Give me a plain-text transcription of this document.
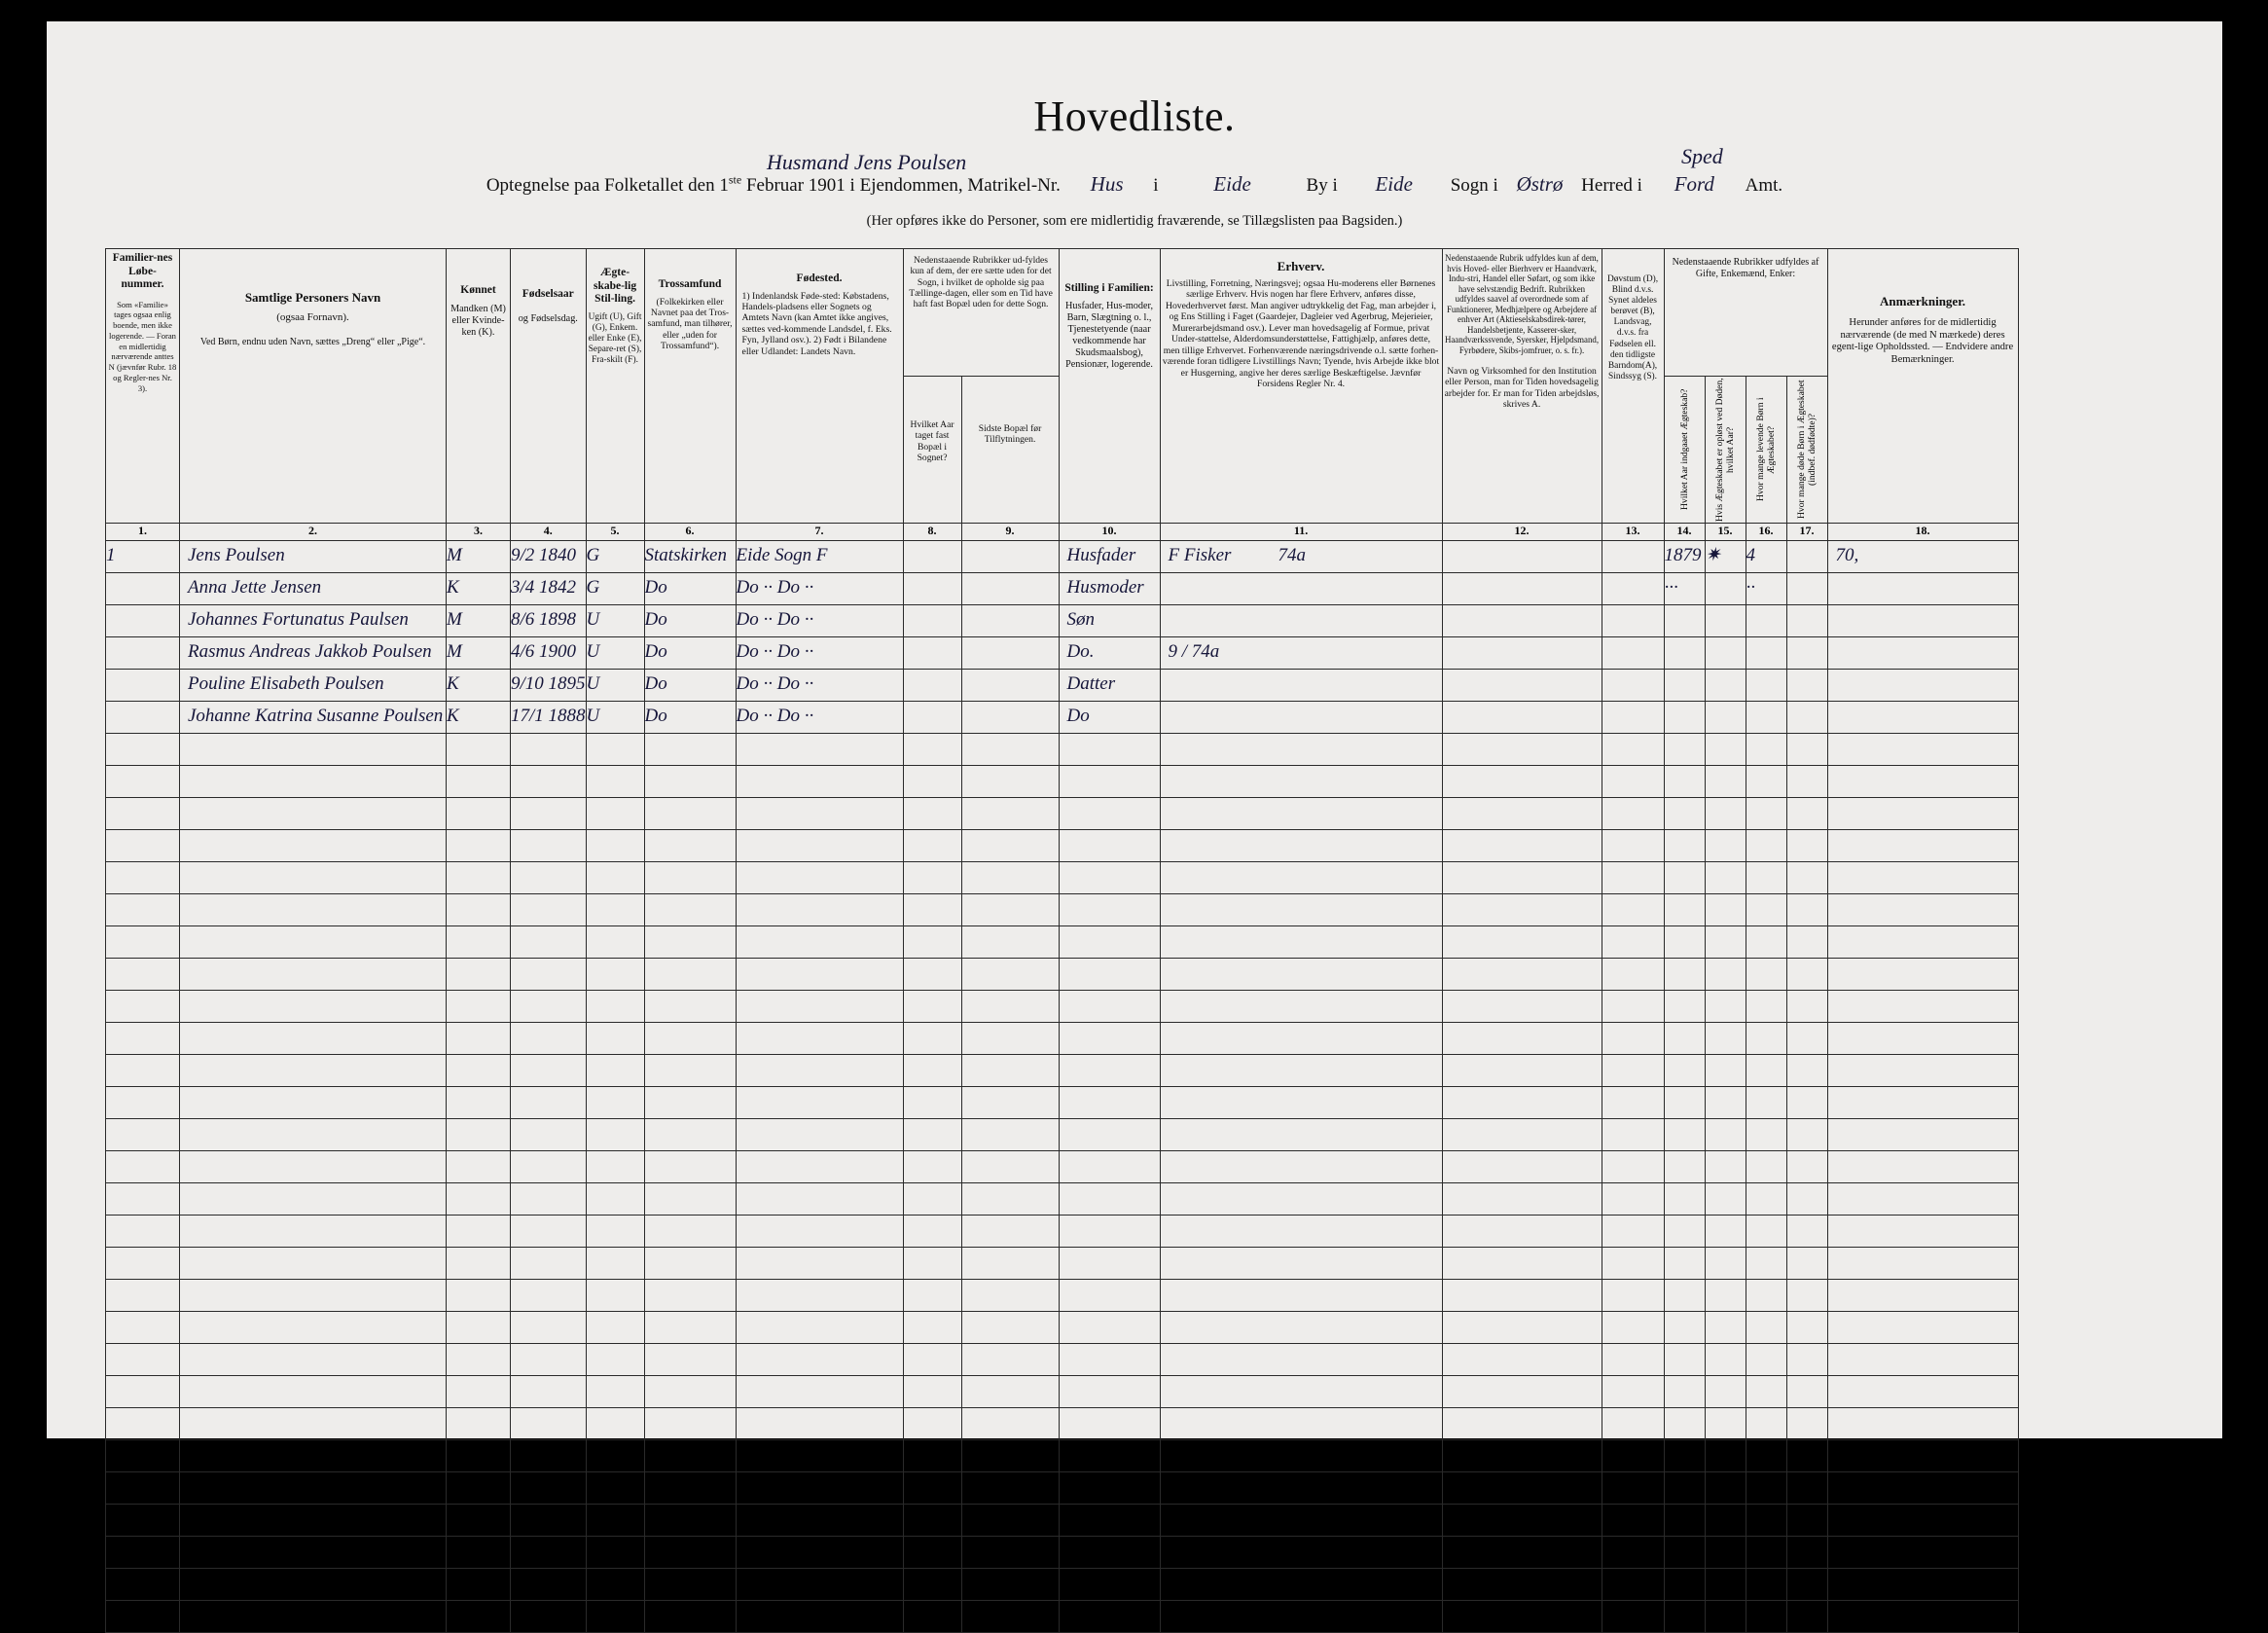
Hovedliste.
Husmand Jens Poulsen
Optegnelse paa Folketallet den 1ste Februar 1901 i Ejendommen, Matrikel-Nr. Hus i	Eide	By i Eide Sogn i Østrø Herred i Ford Amt.
Sped
(Her opføres ikke do Personer, som ere midlertidig fraværende, se Tillægslisten paa Bagsiden.)
Familier-nes Løbe-nummer.
Som «Familie» tages ogsaa enlig boende, men ikke logerende. — Foran en midlertidig nærværende anttes N (jævnfør Rubr. 18 og Regler-nes Nr. 3).

Samtlige Personers Navn
(ogsaa Fornavn).
Ved Børn, endnu uden Navn, sættes „Dreng“ eller „Pige“.

Kønnet
Mandken (M) eller Kvinde-ken (K).

Fødselsaar
og Fødselsdag.

Ægte-skabe-lig Stil-ling.
Ugift (U), Gift (G), Enkem. eller Enke (E), Separe-ret (S), Fra-skilt (F).

Trossamfund
(Folkekirken eller Navnet paa det Tros-samfund, man tilhører, eller „uden for Trossamfund“).

Fødested.
1) Indenlandsk Føde-sted: Købstadens, Handels-pladsens eller Sognets og Amtets Navn (kan Amtet ikke angives, sættes ved-kommende Landsdel, f. Eks. Fyn, Jylland osv.). 2) Født i Bilandene eller Udlandet: Landets Navn.

Nedenstaaende Rubrikker ud-fyldes kun af dem, der ere sætte uden for det Sogn, i hvilket de opholde sig paa Tællinge-dagen, eller som en Tid have haft fast Bopæl uden for dette Sogn.

Stilling i Familien:
Husfader, Hus-moder, Barn, Slægtning o. l., Tjenestetyende (naar vedkommende har Skudsmaalsbog), Pensionær, logerende.

Erhverv.
Livstilling, Forretning, Næringsvej; ogsaa Hu-moderens eller Børnenes særlige Erhverv. Hvis nogen har flere Erhverv, anføres disse, Hovederhvervet først. Man angiver udtrykkelig det Fag, man arbejder i, og Ens Stilling i Faget (Gaardejer, Dagleier ved Agerbrug, Mejerieier, Murerarbejdsmand osv.). Lever man hovedsagelig af Formue, privat Under-støttelse, Alderdomsunderstøttelse, Fattighjælp, anføres dette, men tillige Erhvervet. Forhenværende næringsdrivende o.l. sætte forhen-værende foran tidligere Livstillings Navn; Tyende, hvis Arbejde ikke blot er Husgerning, angive her deres særlige Beskæftigelse. Jævnfør Forsidens Regler Nr. 4.

Nedenstaaende Rubrik udfyldes kun af dem, hvis Hoved- eller Bierhverv er Haandværk, Indu-stri, Handel eller Søfart, og som ikke have selvstændig Bedrift. Rubrikken udfyldes saavel af overordnede som af Funktionerer, Medhjælpere og Arbejdere af enhver Art (Aktieselskabsdirek-tører, Handelsbetjente, Kasserer-sker, Haandværkssvende, Syersker, Hjelpdsmand, Fyrbødere, Skibs-jomfruer, o. s. fr.).
Navn og Virksomhed for den Institution eller Person, man for Tiden hovedsagelig arbejder for. Er man for Tiden arbejdsløs, skrives A.

Døvstum (D), Blind d.v.s. Synet aldeles berøvet (B), Landsvag, d.v.s. fra Fødselen ell. den tidligste Barndom(A), Sindssyg (S).

Nedenstaaende Rubrikker udfyldes af Gifte, Enkemænd, Enker:

Anmærkninger.
Herunder anføres for de midlertidig nærværende (de med N mærkede) deres egent-lige Opholdssted. — Endvidere andre Bemærkninger.

							Hvilket Aar taget fast Bopæl i Sognet?	Sidste Bopæl før Tilflytningen.					Hvilket Aar indgaaet Ægteskab?	Hvis Ægteskabet er opløst ved Døden, hvilket Aar?	Hvor mange levende Børn i Ægteskabet?	Hvor mange døde Børn i Ægteskabet (indbef. dødfødte)?	

1.	2.	3.	4.	5.	6.	7.	8.	9.	10.	11.	12.	13.	14.	15.	16.	17.	18.
1	Jens Poulsen	M	9/2 1840	G	Statskirken	Eide Sogn F			Husfader	F Fisker 74a			1879	✷	4		70,
	Anna Jette Jensen	K	3/4 1842	G	Do	Do ·· Do ··			Husmoder				···		··		
	Johannes Fortunatus Paulsen	M	8/6 1898	U	Do	Do ·· Do ··			Søn								
	Rasmus Andreas Jakkob Poulsen	M	4/6 1900	U	Do	Do ·· Do ··			Do.	9 / 74a							
	Pouline Elisabeth Poulsen	K	9/10 1895	U	Do	Do ·· Do ··			Datter								
	Johanne Katrina Susanne Poulsen	K	17/1 1888	U	Do	Do ·· Do ··			Do								
